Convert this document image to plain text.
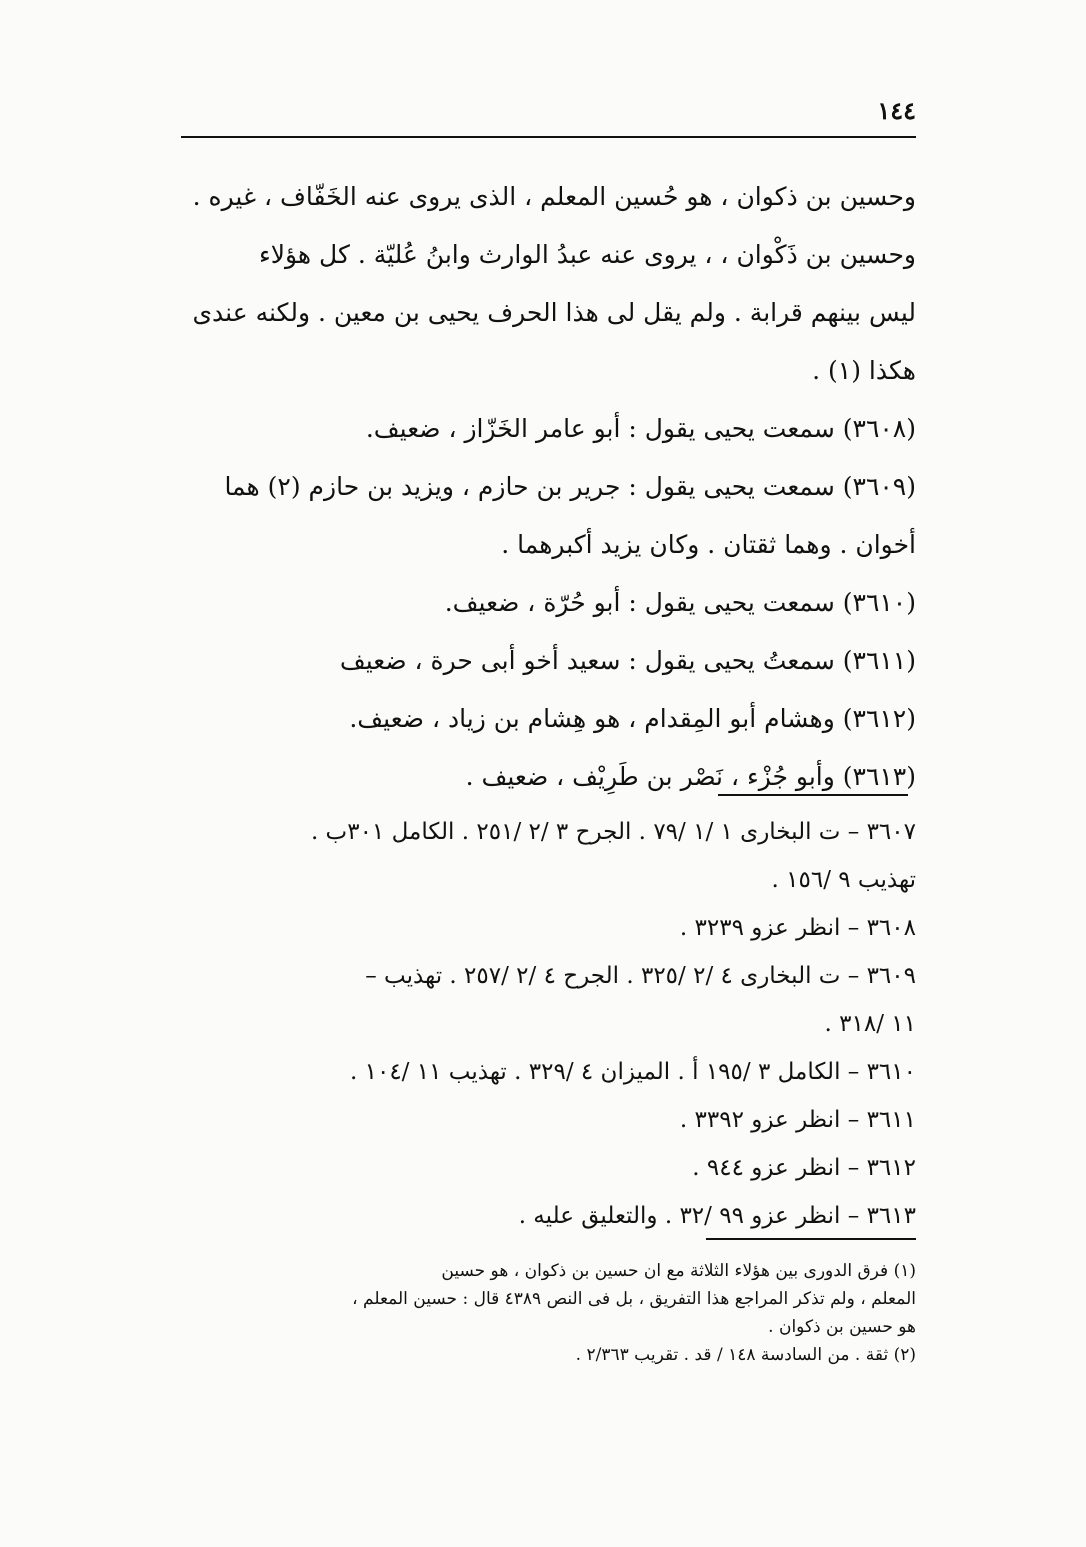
١٤٤

وحسين بن ذكوان ، هو حُسين المعلم ، الذى يروى عنه الخَفّاف ، غيره .

وحسين بن ذَكْوان ، ، يروى عنه عبدُ الوارث وابنُ عُليّة . كل هؤلاء

ليس بينهم قرابة . ولم يقل لى هذا الحرف يحيى بن معين . ولكنه عندى

هكذا (١) .

(٣٦٠٨) سمعت يحيى يقول : أبو عامر الخَزّاز ، ضعيف.

(٣٦٠٩) سمعت يحيى يقول : جرير بن حازم ، ويزيد بن حازم (٢) هما

أخوان . وهما ثقتان . وكان يزيد أكبرهما .

(٣٦١٠) سمعت يحيى يقول : أبو حُرّة ، ضعيف.

(٣٦١١) سمعتُ يحيى يقول : سعيد أخو أبى حرة ، ضعيف

(٣٦١٢) وهشام أبو المِقدام ، هو هِشام بن زياد ، ضعيف.

(٣٦١٣) وأبو جُزْء ، نَصْر بن طَرِيْف ، ضعيف .

٣٦٠٧ – ت البخارى ١ /١ /٧٩ . الجرح ٣ /٢ /٢٥١ . الكامل ٣٠١ب .

تهذيب ٩ /١٥٦ .

٣٦٠٨ – انظر عزو ٣٢٣٩ .

٣٦٠٩ – ت البخارى ٤ /٢ /٣٢٥ . الجرح ٤ /٢ /٢٥٧ . تهذيب –

١١ /٣١٨ .

٣٦١٠ – الكامل ٣ /١٩٥ أ . الميزان ٤ /٣٢٩ . تهذيب ١١ /١٠٤ .

٣٦١١ – انظر عزو ٣٣٩٢ .

٣٦١٢ – انظر عزو ٩٤٤ .

٣٦١٣ – انظر عزو ٩٩ /٣٢ . والتعليق عليه .

(١) فرق الدورى بين هؤلاء الثلاثة مع ان حسين بن ذكوان ، هو حسين

المعلم ، ولم تذكر المراجع هذا التفريق ، بل فى النص ٤٣٨٩ قال : حسين المعلم ،

هو حسين بن ذكوان .

(٢) ثقة . من السادسة ١٤٨ / قد . تقريب ٢/٣٦٣ .
